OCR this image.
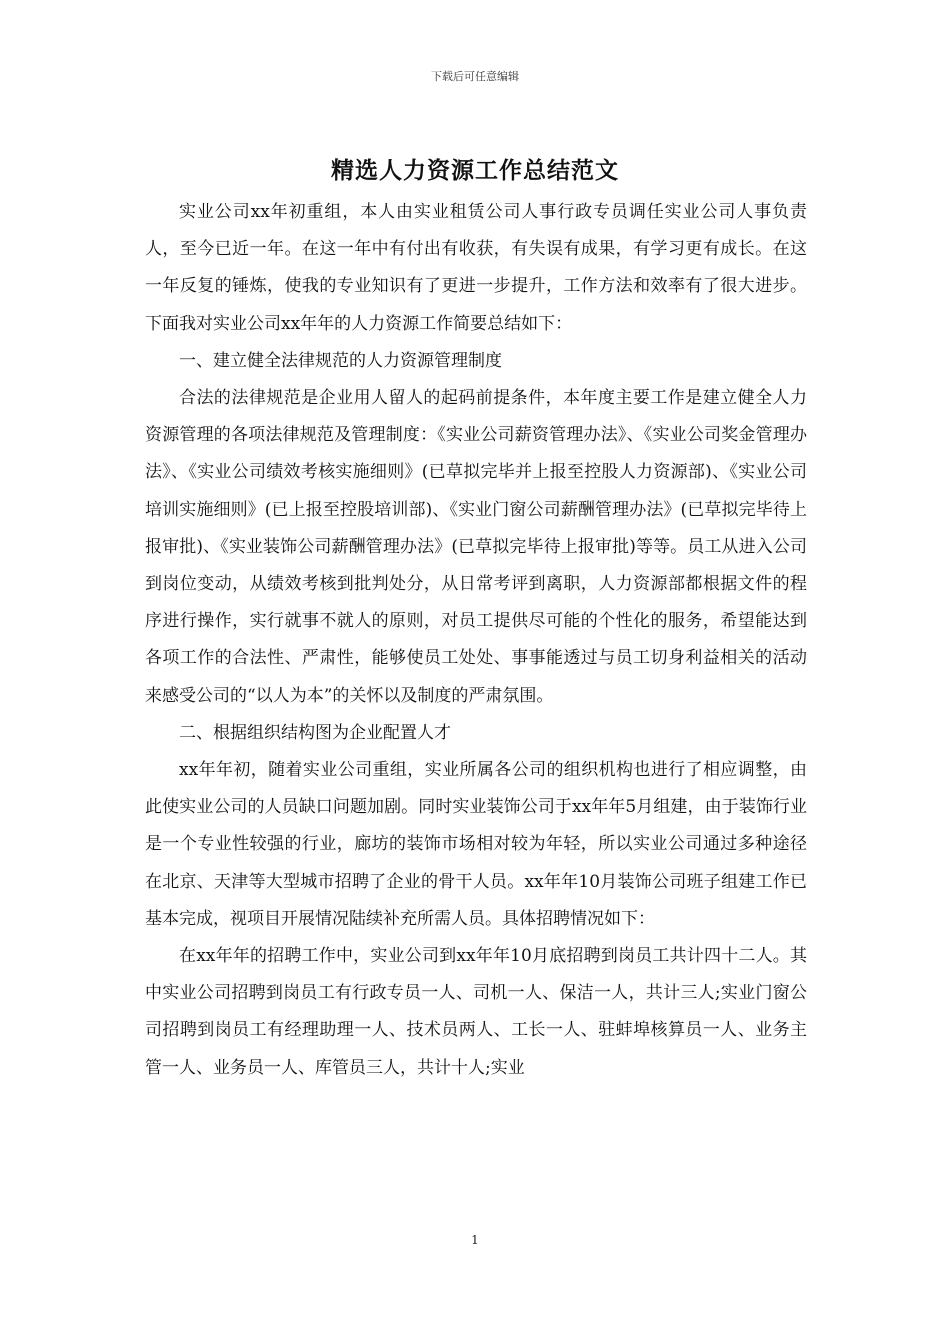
下载后可任意编辑
精选人力资源工作总结范文

实业公司xx年初重组，本人由实业租赁公司人事行政专员调任实业公司人事负责人，至今已近一年。在这一年中有付出有收获，有失误有成果，有学习更有成长。在这一年反复的锤炼，使我的专业知识有了更进一步提升，工作方法和效率有了很大进步。下面我对实业公司xx年年的人力资源工作简要总结如下：

一、建立健全法律规范的人力资源管理制度

合法的法律规范是企业用人留人的起码前提条件，本年度主要工作是建立健全人力资源管理的各项法律规范及管理制度：《实业公司薪资管理办法》、《实业公司奖金管理办法》、《实业公司绩效考核实施细则》(已草拟完毕并上报至控股人力资源部)、《实业公司培训实施细则》(已上报至控股培训部)、《实业门窗公司薪酬管理办法》(已草拟完毕待上报审批)、《实业装饰公司薪酬管理办法》(已草拟完毕待上报审批)等等。员工从进入公司到岗位变动，从绩效考核到批判处分，从日常考评到离职，人力资源部都根据文件的程序进行操作，实行就事不就人的原则，对员工提供尽可能的个性化的服务，希望能达到各项工作的合法性、严肃性，能够使员工处处、事事能透过与员工切身利益相关的活动来感受公司的“以人为本”的关怀以及制度的严肃氛围。

二、根据组织结构图为企业配置人才

xx年年初，随着实业公司重组，实业所属各公司的组织机构也进行了相应调整，由此使实业公司的人员缺口问题加剧。同时实业装饰公司于xx年年5月组建，由于装饰行业是一个专业性较强的行业，廊坊的装饰市场相对较为年轻，所以实业公司通过多种途径在北京、天津等大型城市招聘了企业的骨干人员。xx年年10月装饰公司班子组建工作已基本完成，视项目开展情况陆续补充所需人员。具体招聘情况如下：

在xx年年的招聘工作中，实业公司到xx年年10月底招聘到岗员工共计四十二人。其中实业公司招聘到岗员工有行政专员一人、司机一人、保洁一人，共计三人;实业门窗公司招聘到岗员工有经理助理一人、技术员两人、工长一人、驻蚌埠核算员一人、业务主管一人、业务员一人、库管员三人，共计十人;实业

1
